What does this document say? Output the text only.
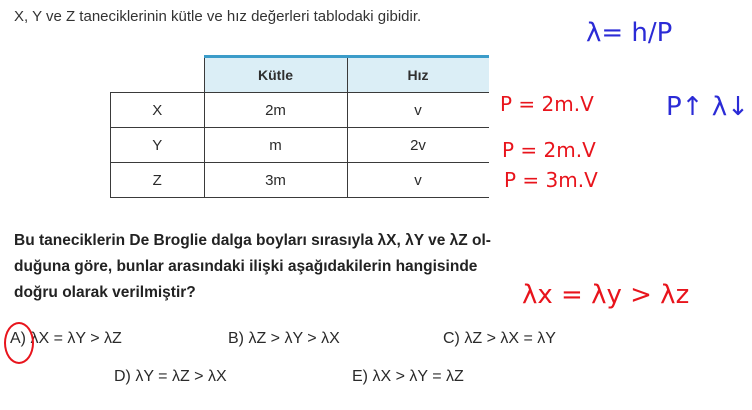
X, Y ve Z taneciklerinin kütle ve hız değerleri tablodaki gibidir.
	Kütle	Hız
X	2m	v
Y	m	2v
Z	3m	v
Bu taneciklerin De Broglie dalga boyları sırasıyla λX, λY ve λZ ol-
duğuna göre, bunlar arasındaki ilişki aşağıdakilerin hangisinde
doğru olarak verilmiştir?
A) λX = λY > λZ	B) λZ > λY > λX	C) λZ > λX = λY
D) λY = λZ > λX	E) λX > λY = λZ
λ= h/P
P↑ λ↓
P = 2m.V
P = 2m.V
P = 3m.V
λx = λy > λz
